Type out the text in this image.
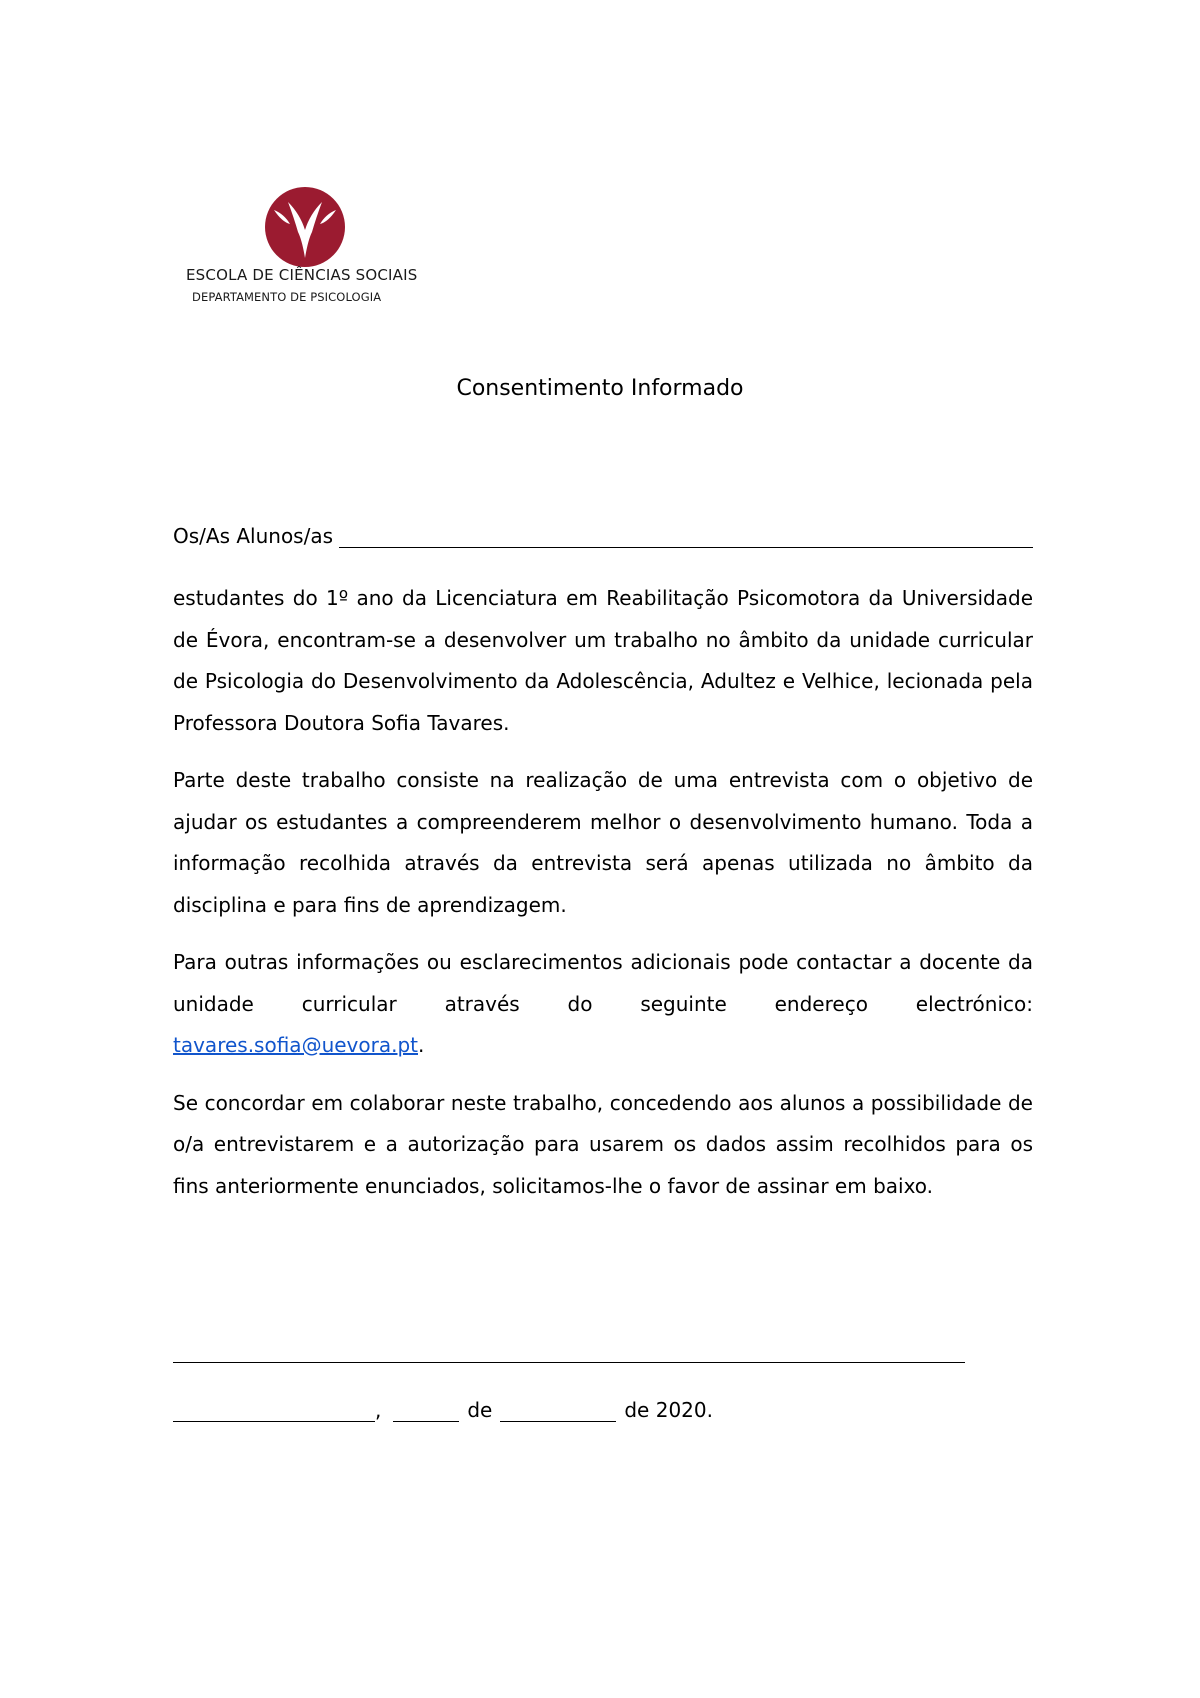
ESCOLA DE CIÊNCIAS SOCIAIS
DEPARTAMENTO DE PSICOLOGIA
Consentimento Informado
Os/As Alunos/as

estudantes do 1º ano da Licenciatura em Reabilitação Psicomotora da Universidade de Évora, encontram-se a desenvolver um trabalho no âmbito da unidade curricular de Psicologia do Desenvolvimento da Adolescência, Adultez e Velhice, lecionada pela Professora Doutora Sofia Tavares.

Parte deste trabalho consiste na realização de uma entrevista com o objetivo de ajudar os estudantes a compreenderem melhor o desenvolvimento humano. Toda a informação recolhida através da entrevista será apenas utilizada no âmbito da disciplina e para fins de aprendizagem.

Para outras informações ou esclarecimentos adicionais pode contactar a docente da unidade curricular através do seguinte endereço electrónico: tavares.sofia@uevora.pt.

Se concordar em colaborar neste trabalho, concedendo aos alunos a possibilidade de o/a entrevistarem e a autorização para usarem os dados assim recolhidos para os fins anteriormente enunciados, solicitamos-lhe o favor de assinar em baixo.

,	de	de 2020.
